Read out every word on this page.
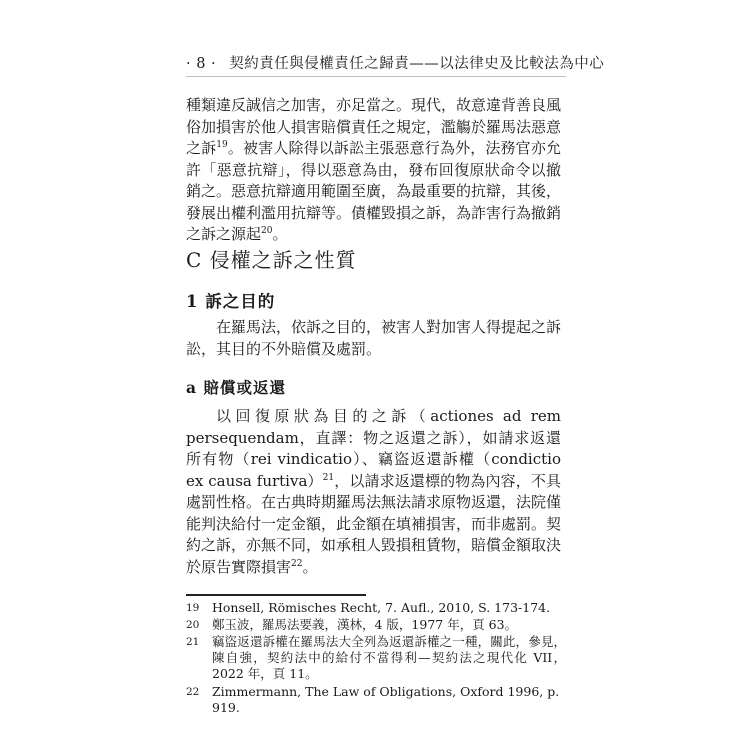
· 8 · 契約責任與侵權責任之歸責——以法律史及比較法為中心

種類違反誠信之加害，亦足當之。現代，故意違背善良風俗加損害於他人損害賠償責任之規定，濫觴於羅馬法惡意之訴$^{19}$。被害人除得以訴訟主張惡意行為外，法務官亦允許「惡意抗辯」，得以惡意為由，發布回復原狀命令以撤銷之。惡意抗辯適用範圍至廣，為最重要的抗辯，其後，發展出權利濫用抗辯等。債權毀損之訴，為詐害行為撤銷之訴之源起$^{20}$。

C 侵權之訴之性質
1 訴之目的

在羅馬法，依訴之目的，被害人對加害人得提起之訴訟，其目的不外賠償及處罰。

a 賠償或返還

以回復原狀為目的之訴（actiones ad rem persequendam，直譯：物之返還之訴），如請求返還所有物（rei vindicatio）、竊盜返還訴權（condictio ex causa furtiva）$^{21}$，以請求返還標的物為內容，不具處罰性格。在古典時期羅馬法無法請求原物返還，法院僅能判決給付一定金額，此金額在填補損害，而非處罰。契約之訴，亦無不同，如承租人毀損租賃物，賠償金額取決於原告實際損害$^{22}$。

19 Honsell, Römisches Recht, 7. Aufl., 2010, S. 173-174.

20 鄭玉波，羅馬法要義，漢林，4 版，1977 年，頁 63。

21 竊盜返還訴權在羅馬法大全列為返還訴權之一種，關此，參見，陳自強，契約法中的給付不當得利—契約法之現代化 VII，2022 年，頁 11。

22 Zimmermann, The Law of Obligations, Oxford 1996, p. 919.
